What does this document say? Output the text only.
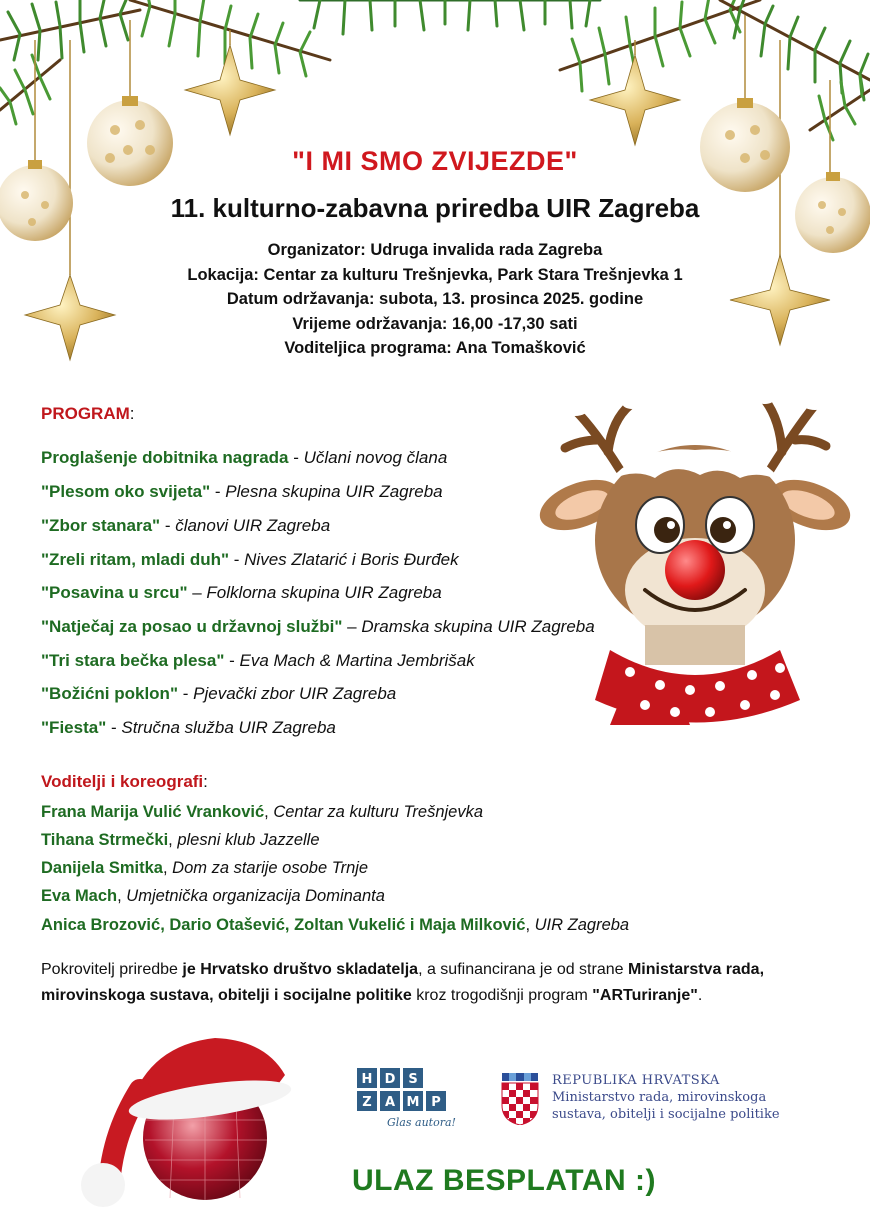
"I MI SMO ZVIJEZDE"
11. kulturno-zabavna priredba UIR Zagreba
Organizator: Udruga invalida rada Zagreba
Lokacija: Centar za kulturu Trešnjevka, Park Stara Trešnjevka 1
Datum održavanja: subota, 13. prosinca 2025. godine
Vrijeme održavanja: 16,00 -17,30 sati
Voditeljica programa: Ana Tomašković
PROGRAM:
Proglašenje dobitnika nagrada - Učlani novog člana
"Plesom oko svijeta" - Plesna skupina UIR Zagreba
"Zbor stanara" - članovi UIR Zagreba
"Zreli ritam, mladi duh" - Nives Zlatarić i Boris Đurđek
"Posavina u srcu" – Folklorna skupina UIR Zagreba
"Natječaj za posao u državnoj službi" – Dramska skupina UIR Zagreba
"Tri stara bečka plesa" - Eva Mach & Martina Jembrišak
"Božićni poklon" - Pjevački zbor UIR Zagreba
"Fiesta" - Stručna služba UIR Zagreba
Voditelji i koreografi:
Frana Marija Vulić Vranković, Centar za kulturu Trešnjevka
Tihana Strmečki, plesni klub Jazzelle
Danijela Smitka, Dom za starije osobe Trnje
Eva Mach, Umjetnička organizacija Dominanta
Anica Brozović, Dario Otašević, Zoltan Vukelić i Maja Milković, UIR Zagreba
Pokrovitelj priredbe je Hrvatsko društvo skladatelja, a sufinancirana je od strane Ministarstva rada, mirovinskoga sustava, obitelji i socijalne politike kroz trogodišnji program "ARTuriranje".
H D S
Z A M P
Glas autora!
REPUBLIKA HRVATSKA
Ministarstvo rada, mirovinskoga
sustava, obitelji i socijalne politike
ULAZ BESPLATAN :)
